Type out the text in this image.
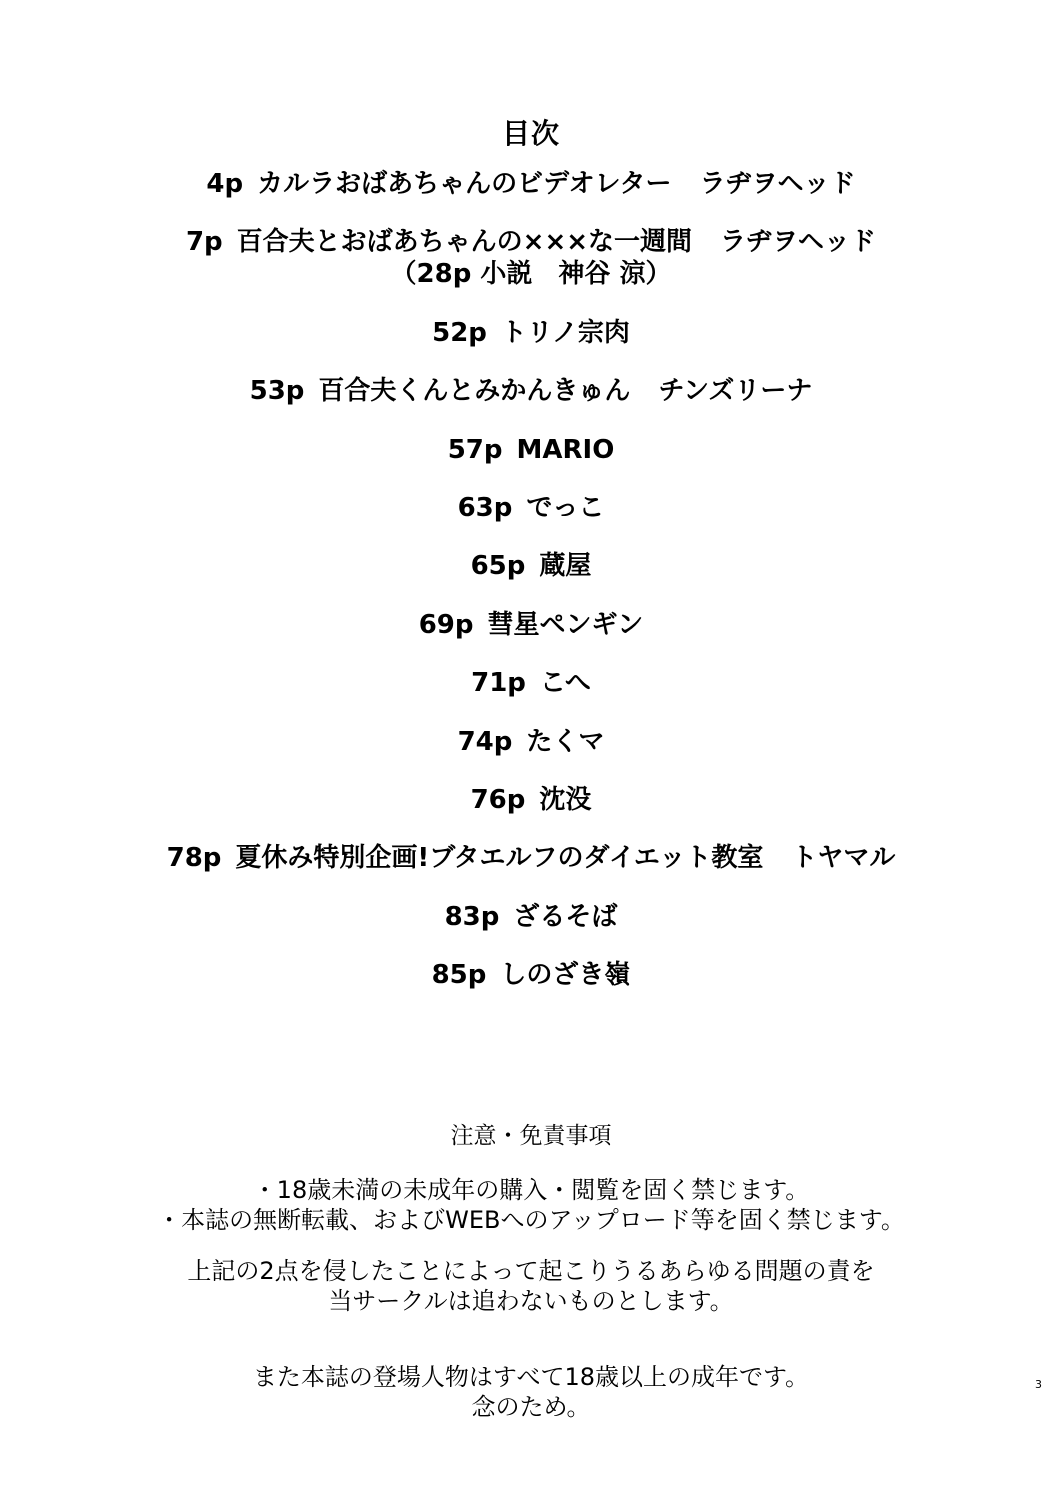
目次
4p カルラおばあちゃんのビデオレター ラヂヲヘッド
7p 百合夫とおばあちゃんの×××な一週間 ラヂヲヘッド
（28p 小説　神谷 涼）
52p トリノ宗肉
53p 百合夫くんとみかんきゅん チンズリーナ
57p MARIO
63p でっこ
65p 蔵屋
69p 彗星ペンギン
71p こへ
74p たくマ
76p 沈没
78p 夏休み特別企画!ブタエルフのダイエット教室 トヤマル
83p ざるそば
85p しのざき嶺
注意・免責事項
・18歳未満の未成年の購入・閲覧を固く禁じます。
・本誌の無断転載、およびWEBへのアップロード等を固く禁じます。
上記の2点を侵したことによって起こりうるあらゆる問題の責を
当サークルは追わないものとします。
また本誌の登場人物はすべて18歳以上の成年です。
念のため。
3
